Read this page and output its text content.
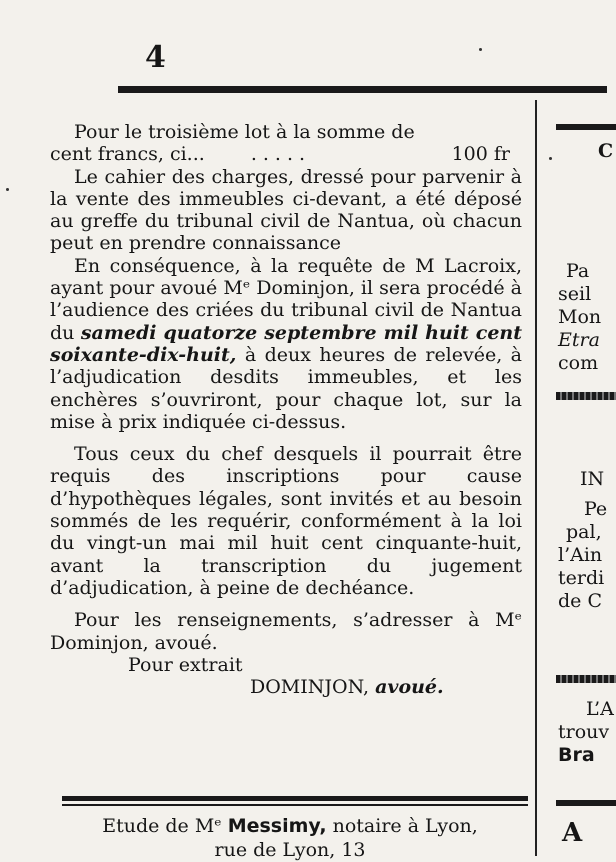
4

Pour le troisième lot à la somme de

cent francs, ci... .....	100 fr

Le cahier des charges, dressé pour parvenir à la vente des immeubles ci-devant, a été déposé au greffe du tribunal civil de Nantua, où chacun peut en prendre connaissance

En conséquence, à la requête de M Lacroix, ayant pour avoué Mᵉ Dominjon, il sera procédé à l’audience des criées du tribunal civil de Nantua du samedi quatorze septembre mil huit cent soixante-dix-huit, à deux heures de relevée, à l’adjudication desdits immeubles, et les enchères s’ouvriront, pour chaque lot, sur la mise à prix indiquée ci-dessus.

Tous ceux du chef desquels il pourrait être requis des inscriptions pour cause d’hypothèques légales, sont invités et au besoin sommés de les requérir, conformément à la loi du vingt-un mai mil huit cent cinquante-huit, avant la transcription du jugement d’adjudication, à peine de dechéance.

Pour les renseignements, s’adresser à Mᵉ Dominjon, avoué.

Pour extrait

DOMINJON, avoué.

Etude de Mᵉ Messimy, notaire à Lyon,
rue de Lyon, 13
C
Pa
seil
Mon
Etra
com
IN
Pe
pal,
l’Ain
terdi
de C
L’A
trouv
Bra
A
